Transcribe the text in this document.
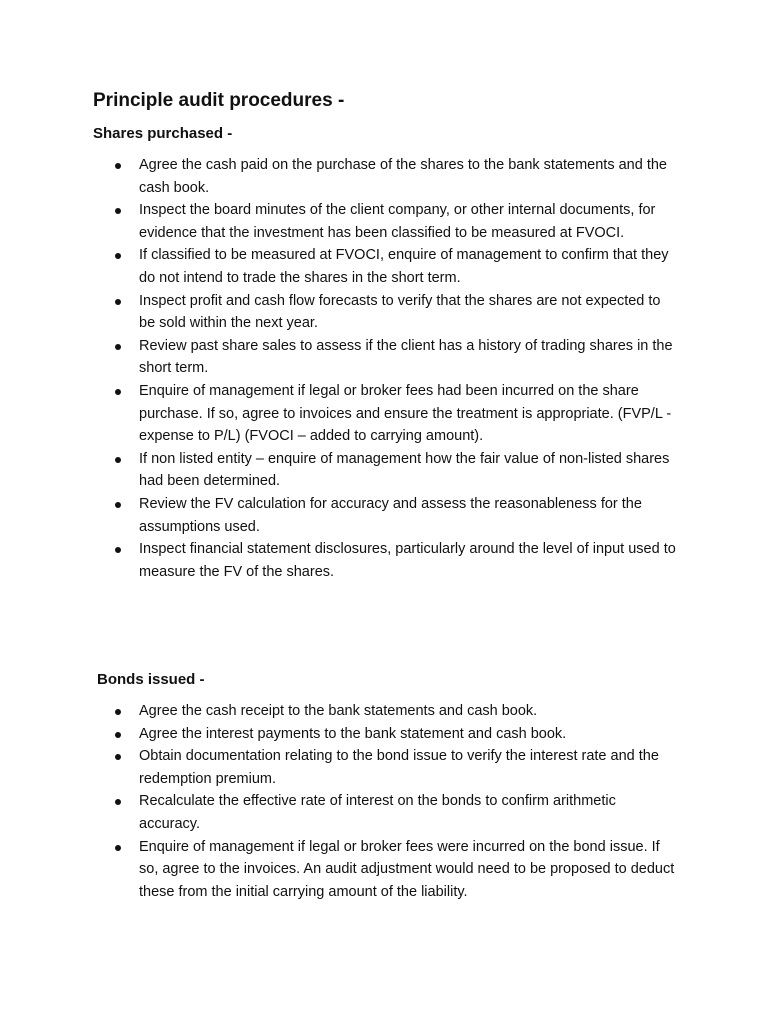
Principle audit procedures -
Shares purchased -
Agree the cash paid on the purchase of the shares to the bank statements and the cash book.
Inspect the board minutes of the client company, or other internal documents, for evidence that the investment has been classified to be measured at FVOCI.
If classified to be measured at FVOCI, enquire of management to confirm that they do not intend to trade the shares in the short term.
Inspect profit and cash flow forecasts to verify that the shares are not expected to be sold within the next year.
Review past share sales to assess if the client has a history of trading shares in the short term.
Enquire of management if legal or broker fees had been incurred on the share purchase. If so, agree to invoices and ensure the treatment is appropriate. (FVP/L - expense to P/L) (FVOCI – added to carrying amount).
If non listed entity – enquire of management how the fair value of non-listed shares had been determined.
Review the FV calculation for accuracy and assess the reasonableness for the assumptions used.
Inspect financial statement disclosures, particularly around the level of input used to measure the FV of the shares.
Bonds issued -
Agree the cash receipt to the bank statements and cash book.
Agree the interest payments to the bank statement and cash book.
Obtain documentation relating to the bond issue to verify the interest rate and the redemption premium.
Recalculate the effective rate of interest on the bonds to confirm arithmetic accuracy.
Enquire of management if legal or broker fees were incurred on the bond issue. If so, agree to the invoices. An audit adjustment would need to be proposed to deduct these from the initial carrying amount of the liability.
